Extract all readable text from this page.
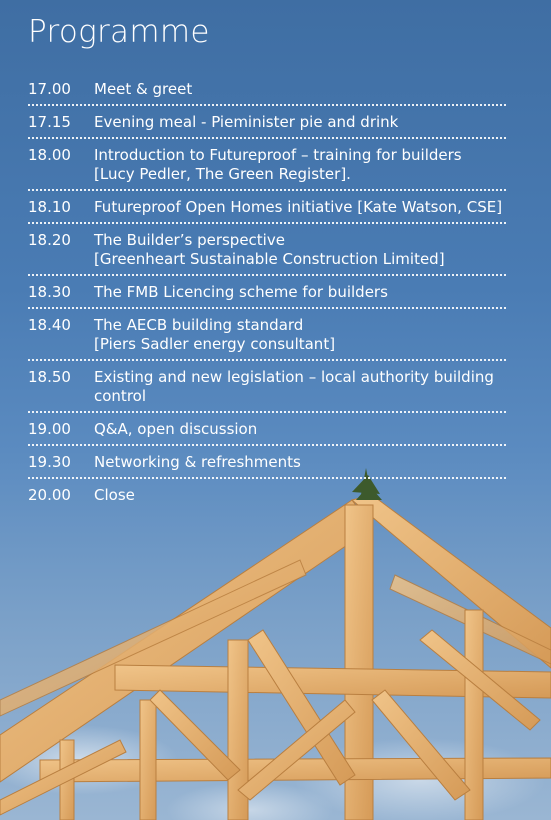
Programme
17.00	Meet & greet
17.15	Evening meal - Pieminister pie and drink
18.00	Introduction to Futureproof – training for builders
[Lucy Pedler, The Green Register].
18.10	Futureproof Open Homes initiative [Kate Watson, CSE]
18.20	The Builder’s perspective
[Greenheart Sustainable Construction Limited]
18.30	The FMB Licencing scheme for builders
18.40	The AECB building standard
[Piers Sadler energy consultant]
18.50	Existing and new legislation – local authority building
control
19.00	Q&A, open discussion
19.30	Networking & refreshments
20.00	Close
